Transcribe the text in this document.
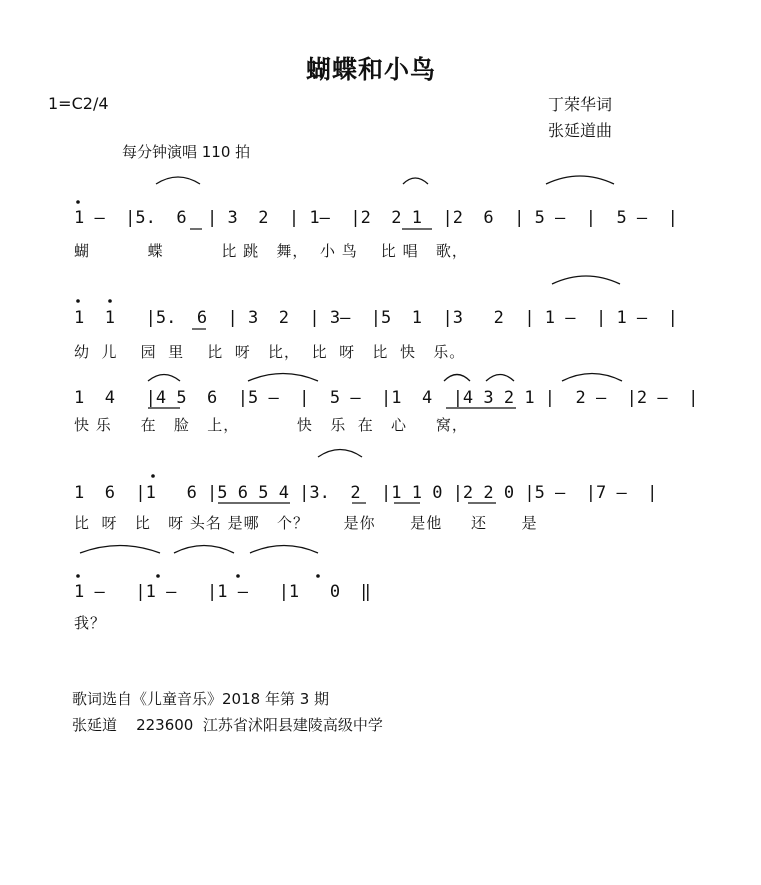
蝴蝶和小鸟
1=C2/4	丁荣华词
张延道曲
每分钟演唱 110 拍
1 —  |5.  6  | 3  2  | 1—  |2  2 1  |2  6  | 5 —  |  5 —  |
蝴          蝶          比 跳   舞，  小 鸟    比 唱   歌，
1  1   |5.  6  | 3  2  | 3—  |5  1  |3   2  | 1 —  | 1 —  |
幼  儿    园  里    比  呀   比，  比  呀   比  快   乐。
1  4   |4 5  6  |5 —  |  5 —  |1  4  |4 3 2 1 |  2 —  |2 —  |
快 乐     在   脸   上，          快   乐  在   心     窝，
1  6  |1   6 |5 6 5 4 |3.  2  |1 1 0 |2 2 0 |5 —  |7 —  |
比  呀   比   呀 头名 是哪   个？      是你      是他     还      是
1 —   |1 —   |1 —   |1   0  ‖
我？
歌词选自《儿童音乐》2018 年第 3 期
张延道    223600  江苏省沭阳县建陵高级中学
